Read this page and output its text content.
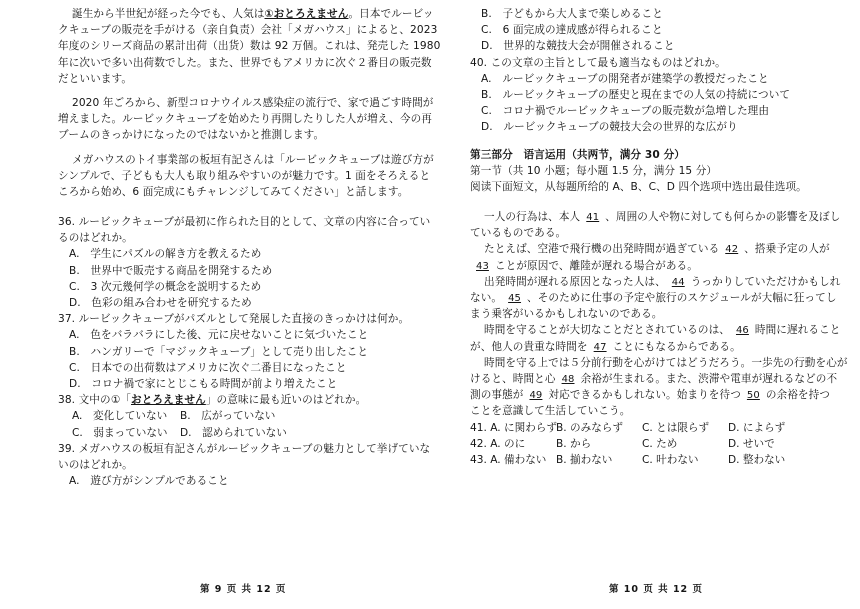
誕生から半世紀が経った今でも、人気は①おとろえません。日本でルービッ
クキューブの販売を手がける（亲自負责）会社「メガハウス」によると、2023
年度のシリーズ商品の累計出荷（出货）数は 92 万個。これは、発売した 1980
年に次いで多い出荷数でした。また、世界でもアメリカに次ぐ２番目の販売数
だといいます。
2020 年ごろから、新型コロナウイルス感染症の流行で、家で過ごす時間が
増えました。ルービックキューブを始めたり再開したりした人が増え、今の再
ブームのきっかけになったのではないかと推測します。
メガハウスのトイ事業部の板垣有記さんは「ルービックキューブは遊び方が
シンプルで、子どもも大人も取り組みやすいのが魅力です。1 面をそろえると
ころから始め、6 面完成にもチャレンジしてみてください」と話します。
36. ルービックキューブが最初に作られた目的として、文章の内容に合ってい
るのはどれか。
A.　学生にパズルの解き方を教えるため
B.　世界中で販売する商品を開発するため
C.　3 次元幾何学の概念を説明するため
D.　色彩の組み合わせを研究するため
37. ルービックキューブがパズルとして発展した直接のきっかけは何か。
A.　色をバラバラにした後、元に戻せないことに気づいたこと
B.　ハンガリーで「マジックキューブ」として売り出したこと
C.　日本での出荷数はアメリカに次ぐ二番目になったこと
D.　コロナ禍で家にとじこもる時間が前より増えたこと
38. 文中の①「おとろえません」の意味に最も近いのはどれか。
A.　変化していない	B.　広がっていない
C.　弱まっていない	D.　認められていない
39. メガハウスの板垣有記さんがルービックキューブの魅力として挙げていな
いのはどれか。
A.　遊び方がシンプルであること
第 9 页 共 12 页
B.　子どもから大人まで楽しめること
C.　6 面完成の達成感が得られること
D.　世界的な競技大会が開催されること
40. この文章の主旨として最も適当なものはどれか。
A.　ルービックキューブの開発者が建築学の教授だったこと
B.　ルービックキューブの歴史と現在までの人気の持続について
C.　コロナ禍でルービックキューブの販売数が急増した理由
D.　ルービックキューブの競技大会の世界的な広がり
第三部分　语言运用（共两节，满分 30 分）
第一节（共 10 小题；每小题 1.5 分，满分 15 分）
阅读下面短文，从每题所给的 A、B、C、D 四个选项中选出最佳选项。
一人の行為は、本人 41 、周囲の人や物に対しても何らかの影響を及ぼし
ているものである。
たとえば、空港で飛行機の出発時間が過ぎている 42 、搭乗予定の人が
43 ことが原因で、離陸が遅れる場合がある。
出発時間が遅れる原因となった人は、 44 うっかりしていただけかもしれ
ない。 45 、そのために仕事の予定や旅行のスケジュールが大幅に狂ってし
まう乗客がいるかもしれないのである。
時間を守ることが大切なことだとされているのは、 46 時間に遅れること
が、他人の貴重な時間を 47 ことにもなるからである。
時間を守る上では５分前行動を心がけてはどうだろう。一歩先の行動を心が
けると、時間と心 48 余裕が生まれる。また、渋滞や電車が遅れるなどの不
測の事態が 49 対応できるかもしれない。始まりを待つ 50 の余裕を持つ
ことを意識して生活していこう。
41. A. に関わらず B. のみならず	C. とは限らず	D. によらず
42. A. のに	B. から	C. ため	D. せいで
43. A. 備わない B. 揃わない	C. 叶わない	D. 整わない
第 10 页 共 12 页
